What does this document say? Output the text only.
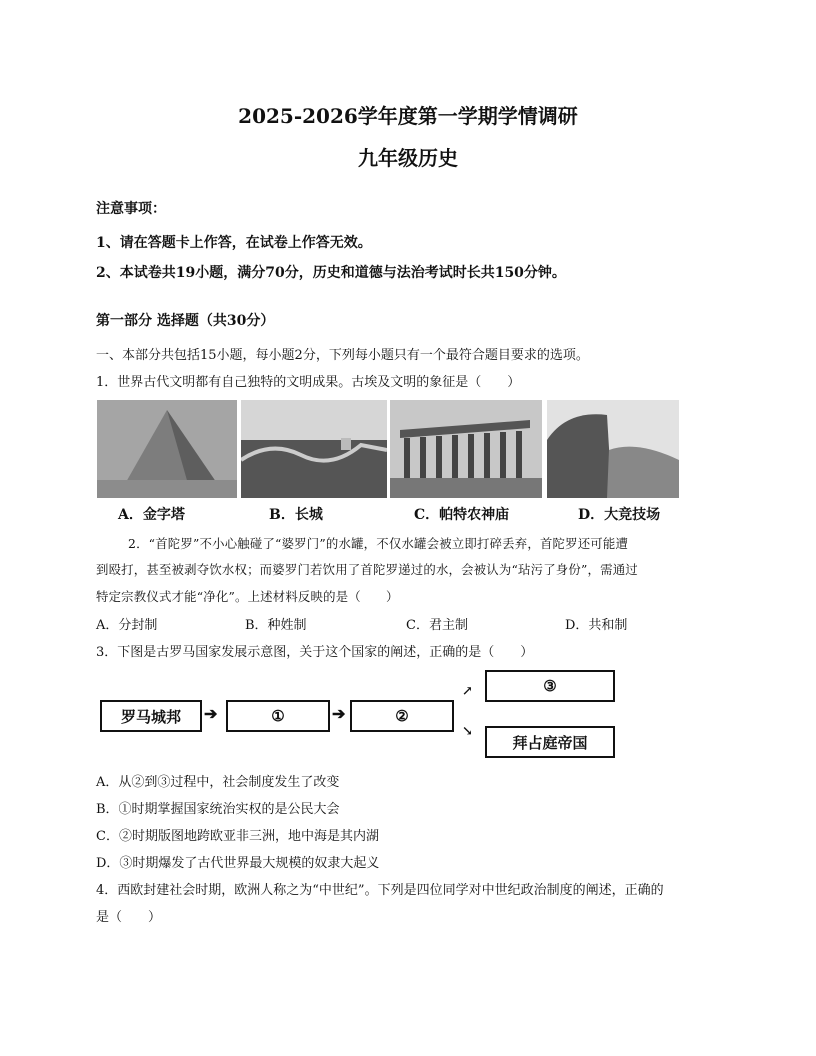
2025-2026学年度第一学期学情调研
九年级历史
注意事项：
1、请在答题卡上作答，在试卷上作答无效。
2、本试卷共19小题，满分70分，历史和道德与法治考试时长共150分钟。
第一部分 选择题（共30分）
一、本部分共包括15小题，每小题2分，下列每小题只有一个最符合题目要求的选项。
1．世界古代文明都有自己独特的文明成果。古埃及文明的象征是（　　）
A．金字塔	B．长城	C．帕特农神庙	D．大竞技场
2．“首陀罗”不小心触碰了“婆罗门”的水罐，不仅水罐会被立即打碎丢弃，首陀罗还可能遭
到殴打，甚至被剥夺饮水权；而婆罗门若饮用了首陀罗递过的水，会被认为“玷污了身份”，需通过
特定宗教仪式才能“净化”。上述材料反映的是（　　）
A．分封制	B．种姓制	C．君主制	D．共和制
3．下图是古罗马国家发展示意图，关于这个国家的阐述，正确的是（　　）
罗马城邦	➔	①	➔	②
↗
↘
③
拜占庭帝国
A．从②到③过程中，社会制度发生了改变
B．①时期掌握国家统治实权的是公民大会
C．②时期版图地跨欧亚非三洲，地中海是其内湖
D．③时期爆发了古代世界最大规模的奴隶大起义
4．西欧封建社会时期，欧洲人称之为“中世纪”。下列是四位同学对中世纪政治制度的阐述，正确的
是（　　）
